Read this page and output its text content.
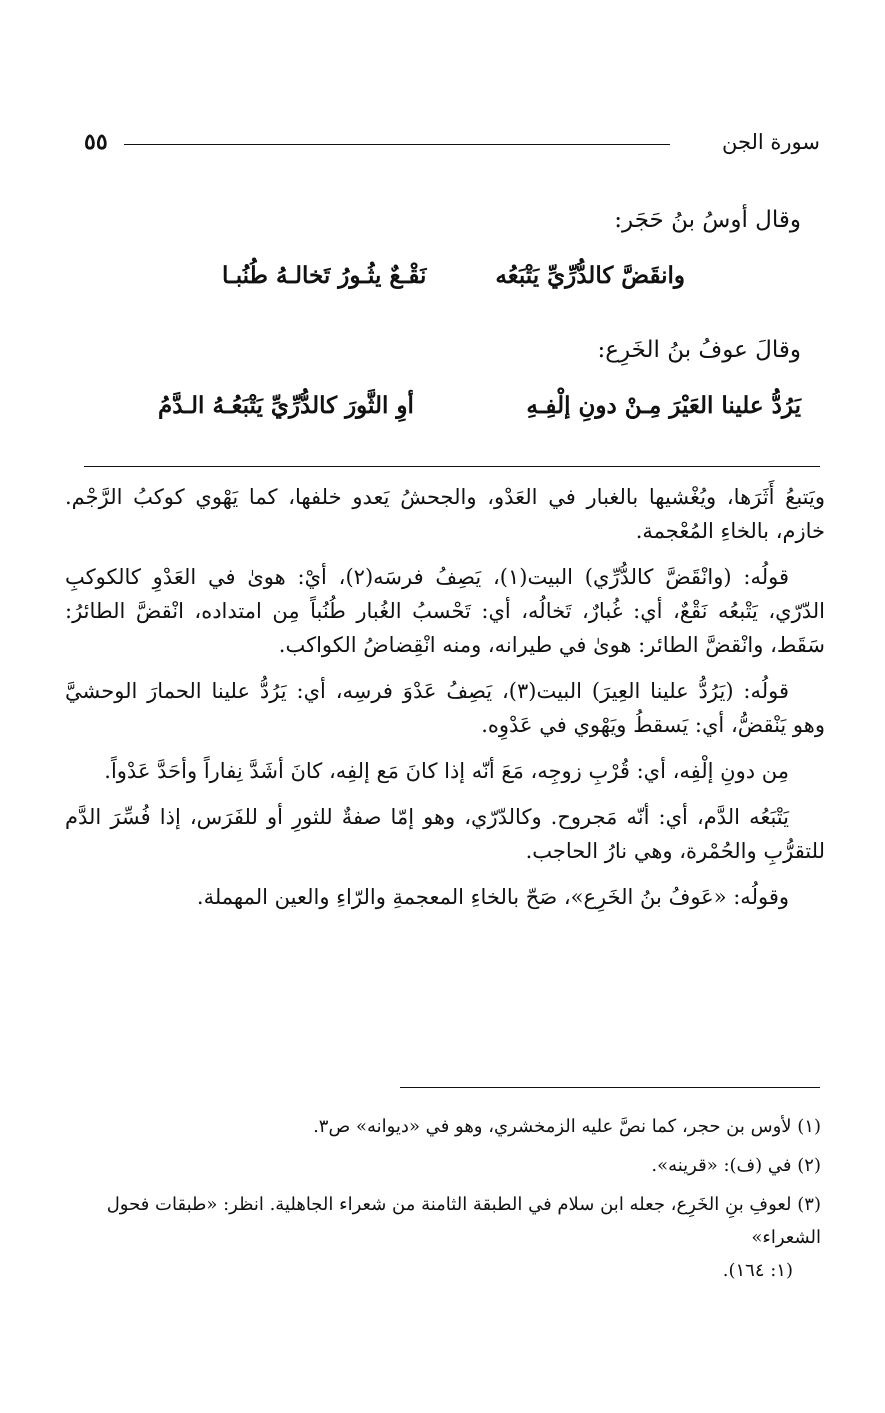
سورة الجن
٥٥
وقال أوسُ بنُ حَجَر:
وانقَضَّ كالدُّرِّيِّ يَتْبَعُه
نَقْـعٌ يثُـورُ تَخالـهُ طُنُبـا
وقالَ عوفُ بنُ الخَرِع:
يَرُدُّ علينا العَيْرَ مِـنْ دونِ إلْفِـهِ
أوِ الثَّورَ كالدُّرِّيِّ يَتْبَعُـهُ الـدَّمُ

ويَتبعُ أَثَرَها، ويُغْشيها بالغبار في العَدْو، والجحشُ يَعدو خلفها، كما يَهْوي كوكبُ الرَّجْم. خازم، بالخاءِ المُعْجمة.

قولُه: (وانْقَضَّ كالدُّرِّي) البيت(١)، يَصِفُ فرسَه(٢)، أيْ: هوىٰ في العَدْوِ كالكوكبِ الدّرّي، يَتْبعُه نَقْعٌ، أي: غُبارٌ، تَخالُه، أي: تَحْسبُ الغُبار طُنُباً مِن امتداده، انْقضَّ الطائرُ: سَقَط، وانْقضَّ الطائر: هوىٰ في طيرانه، ومنه انْقِضاضُ الكواكب.

قولُه: (يَرُدُّ علينا العِيرَ) البيت(٣)، يَصِفُ عَدْوَ فرسِه، أي: يَرُدُّ علينا الحمارَ الوحشيَّ وهو يَنْقضُّ، أي: يَسقطُ ويَهْوي في عَدْوِه.

مِن دونِ إلْفِه، أي: قُرْبِ زوجِه، مَعَ أنّه إذا كانَ مَع إلفِه، كانَ أشَدَّ نِفاراً وأحَدَّ عَدْواً.

يَتْبَعُه الدَّم، أي: أنّه مَجروح. وكالدّرّي، وهو إمّا صفةٌ للثورِ أو للفَرَس، إذا فُسِّرَ الدَّم للتقرُّبِ والحُمْرة، وهي نارُ الحاجب.

وقولُه: «عَوفُ بنُ الخَرِع»، صَحّ بالخاءِ المعجمةِ والرّاءِ والعين المهملة.

(١) لأوس بن حجر، كما نصَّ عليه الزمخشري، وهو في «ديوانه» ص٣.

(٢) في (ف): «قرينه».

(٣) لعوفِ بنِ الخَرِع، جعله ابن سلام في الطبقة الثامنة من شعراء الجاهلية. انظر: «طبقات فحول الشعراء»

(١: ١٦٤).
